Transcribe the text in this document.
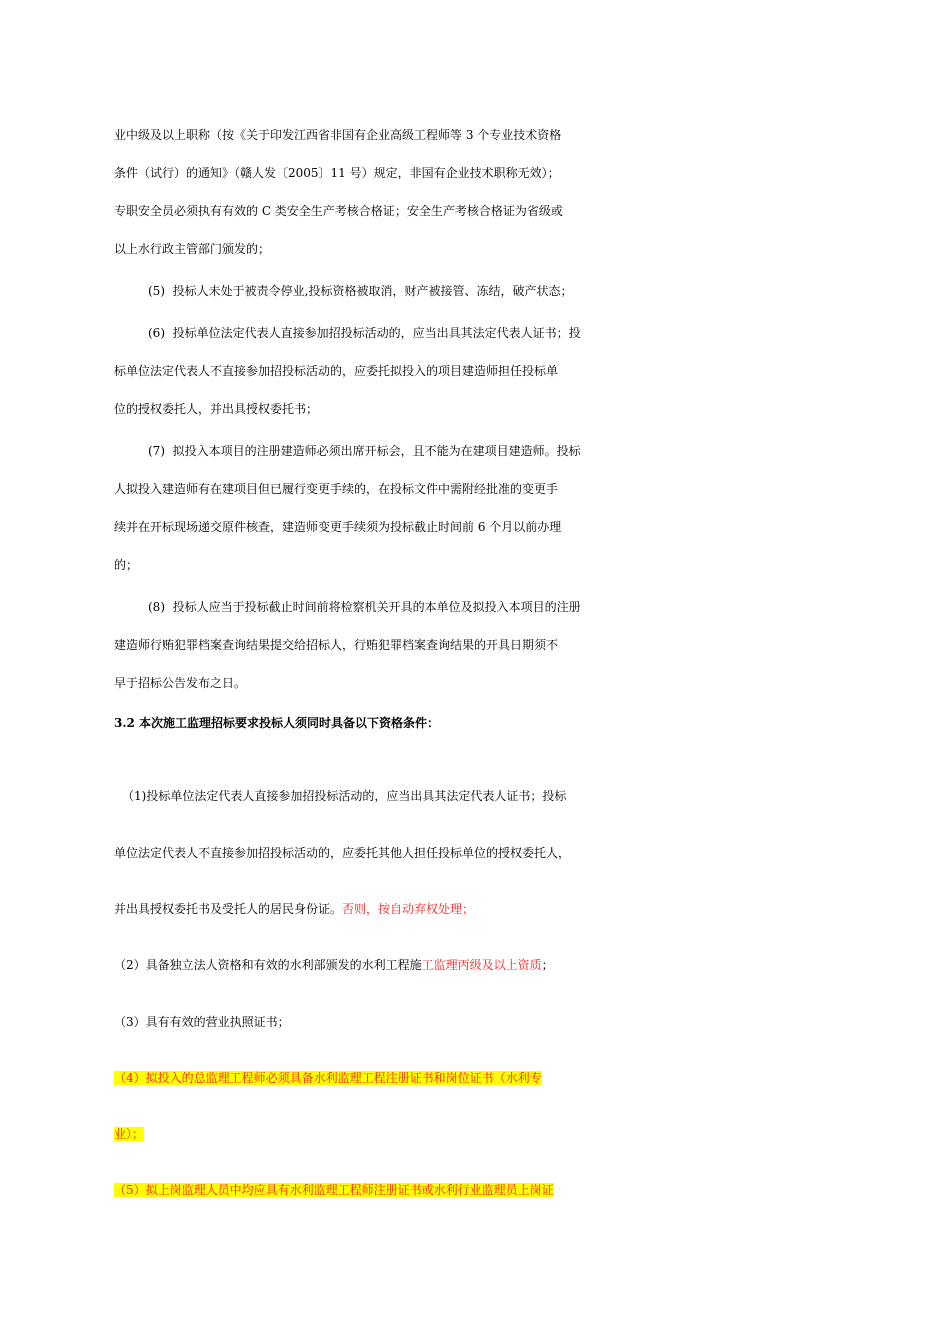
业中级及以上职称（按《关于印发江西省非国有企业高级工程师等 3 个专业技术资格

条件（试行）的通知》（赣人发〔2005〕11 号）规定，非国有企业技术职称无效）；

专职安全员必须执有有效的 C 类安全生产考核合格证；安全生产考核合格证为省级或

以上水行政主管部门颁发的；

(5)  投标人未处于被责令停业,投标资格被取消，财产被接管、冻结，破产状态；

(6)  投标单位法定代表人直接参加招投标活动的，应当出具其法定代表人证书；投

标单位法定代表人不直接参加招投标活动的，应委托拟投入的项目建造师担任投标单

位的授权委托人，并出具授权委托书；

(7)  拟投入本项目的注册建造师必须出席开标会，且不能为在建项目建造师。投标

人拟投入建造师有在建项目但已履行变更手续的，在投标文件中需附经批准的变更手

续并在开标现场递交原件核查，建造师变更手续须为投标截止时间前 6 个月以前办理

的；

(8)  投标人应当于投标截止时间前将检察机关开具的本单位及拟投入本项目的注册

建造师行贿犯罪档案查询结果提交给招标人，行贿犯罪档案查询结果的开具日期须不

早于招标公告发布之日。

3.2 本次施工监理招标要求投标人须同时具备以下资格条件：

（1)投标单位法定代表人直接参加招投标活动的，应当出具其法定代表人证书；投标

单位法定代表人不直接参加招投标活动的，应委托其他人担任投标单位的授权委托人，

并出具授权委托书及受托人的居民身份证。否则，按自动弃权处理；

（2）具备独立法人资格和有效的水利部颁发的水利工程施工监理丙级及以上资质；

（3）具有有效的营业执照证书；

（4）拟投入的总监理工程师必须具备水利监理工程注册证书和岗位证书（水利专

业）；

（5）拟上岗监理人员中均应具有水利监理工程师注册证书或水利行业监理员上岗证
